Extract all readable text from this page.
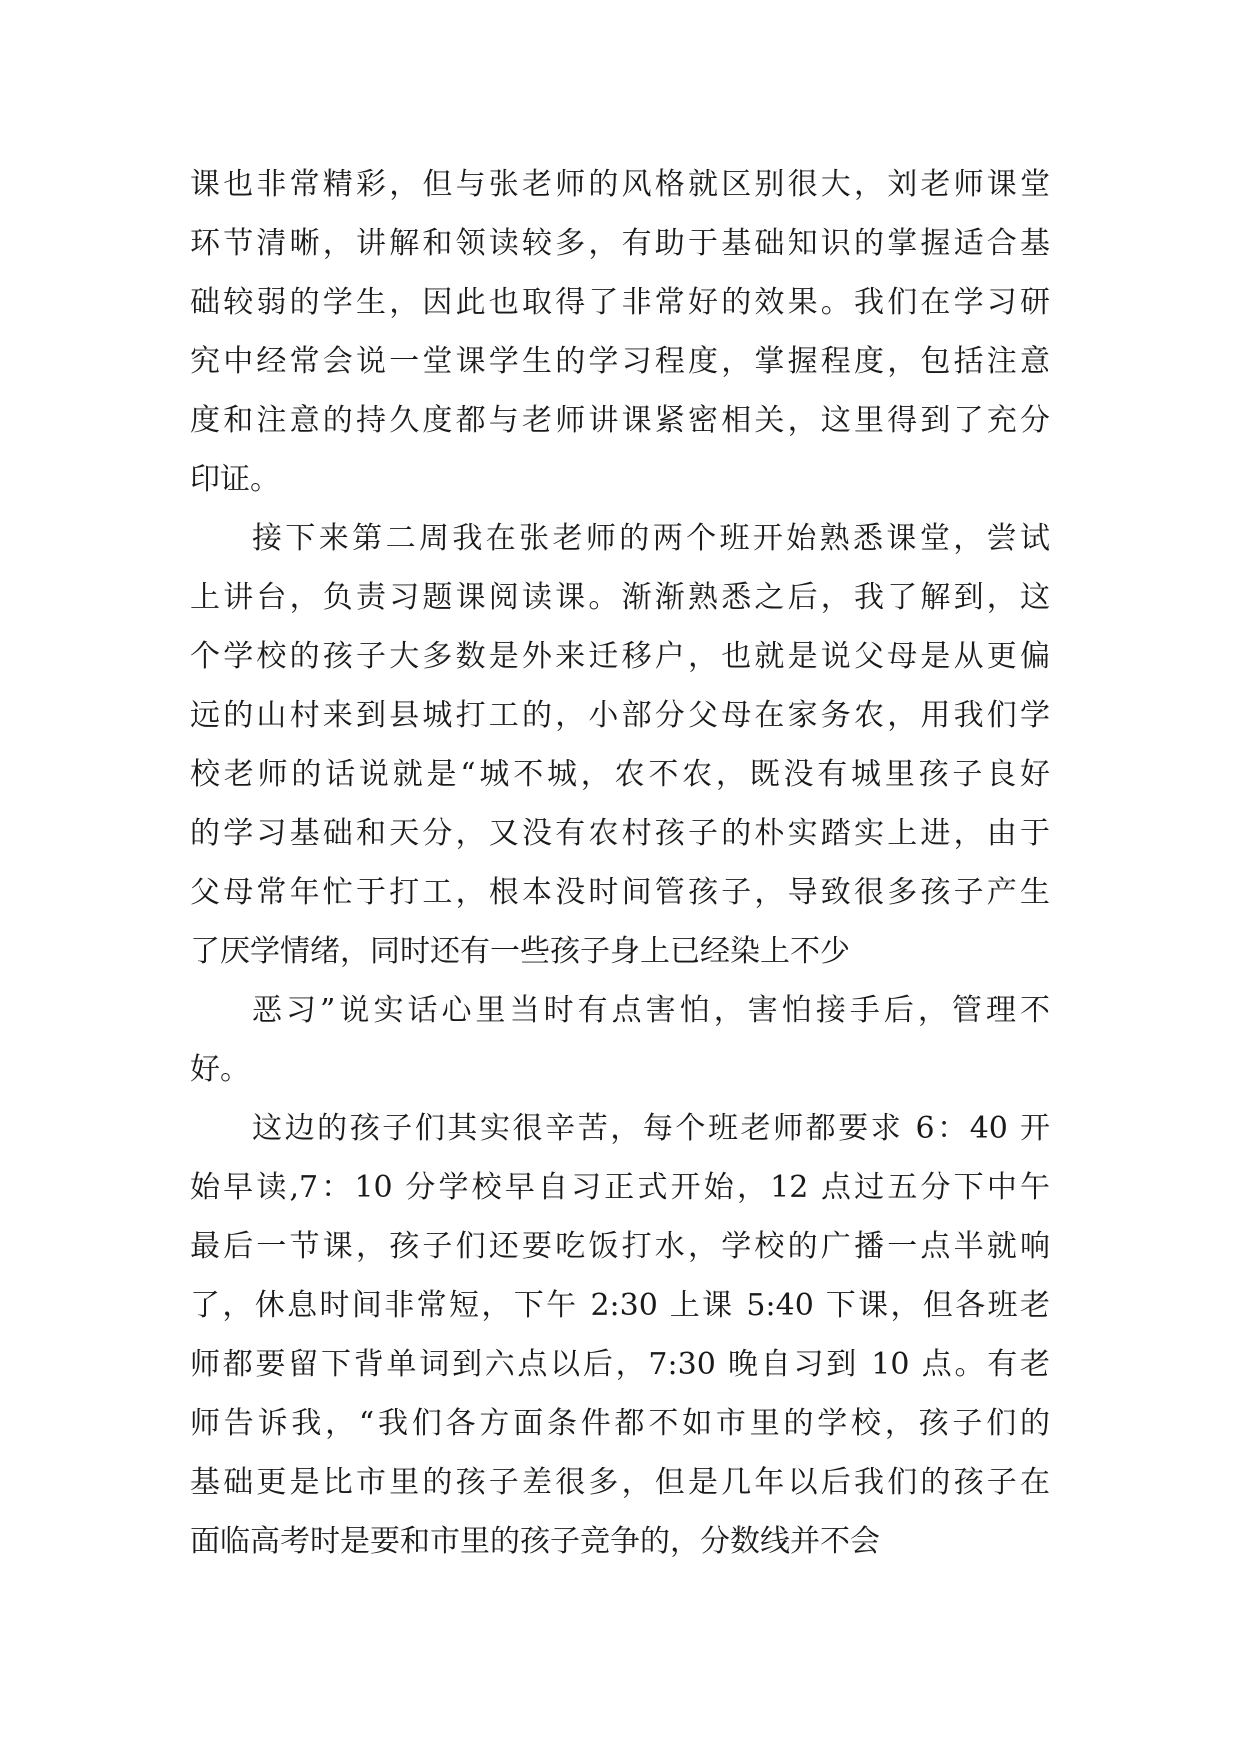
课也非常精彩，但与张老师的风格就区别很大，刘老师课堂
环节清晰，讲解和领读较多，有助于基础知识的掌握适合基
础较弱的学生，因此也取得了非常好的效果。我们在学习研
究中经常会说一堂课学生的学习程度，掌握程度，包括注意
度和注意的持久度都与老师讲课紧密相关，这里得到了充分
印证。
接下来第二周我在张老师的两个班开始熟悉课堂，尝试
上讲台，负责习题课阅读课。渐渐熟悉之后，我了解到，这
个学校的孩子大多数是外来迁移户，也就是说父母是从更偏
远的山村来到县城打工的，小部分父母在家务农，用我们学
校老师的话说就是“城不城，农不农，既没有城里孩子良好
的学习基础和天分，又没有农村孩子的朴实踏实上进，由于
父母常年忙于打工，根本没时间管孩子，导致很多孩子产生
了厌学情绪，同时还有一些孩子身上已经染上不少
恶习”说实话心里当时有点害怕，害怕接手后，管理不
好。
这边的孩子们其实很辛苦，每个班老师都要求 6：40 开
始早读,7：10 分学校早自习正式开始，12 点过五分下中午
最后一节课，孩子们还要吃饭打水，学校的广播一点半就响
了，休息时间非常短，下午 2:30 上课 5:40 下课，但各班老
师都要留下背单词到六点以后，7:30 晚自习到 10 点。有老
师告诉我，“我们各方面条件都不如市里的学校，孩子们的
基础更是比市里的孩子差很多，但是几年以后我们的孩子在
面临高考时是要和市里的孩子竞争的，分数线并不会
